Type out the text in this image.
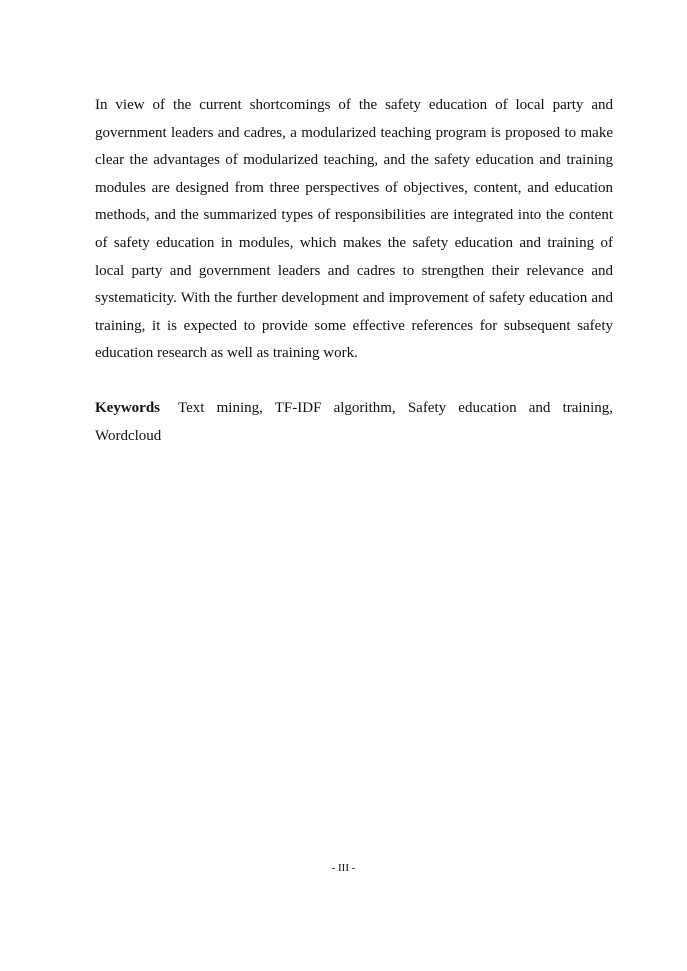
In view of the current shortcomings of the safety education of local party and government leaders and cadres, a modularized teaching program is proposed to make clear the advantages of modularized teaching, and the safety education and training modules are designed from three perspectives of objectives, content, and education methods, and the summarized types of responsibilities are integrated into the content of safety education in modules, which makes the safety education and training of local party and government leaders and cadres to strengthen their relevance and systematicity. With the further development and improvement of safety education and training, it is expected to provide some effective references for subsequent safety education research as well as training work.

Keywords Text mining, TF-IDF algorithm, Safety education and training, Wordcloud

- III -
